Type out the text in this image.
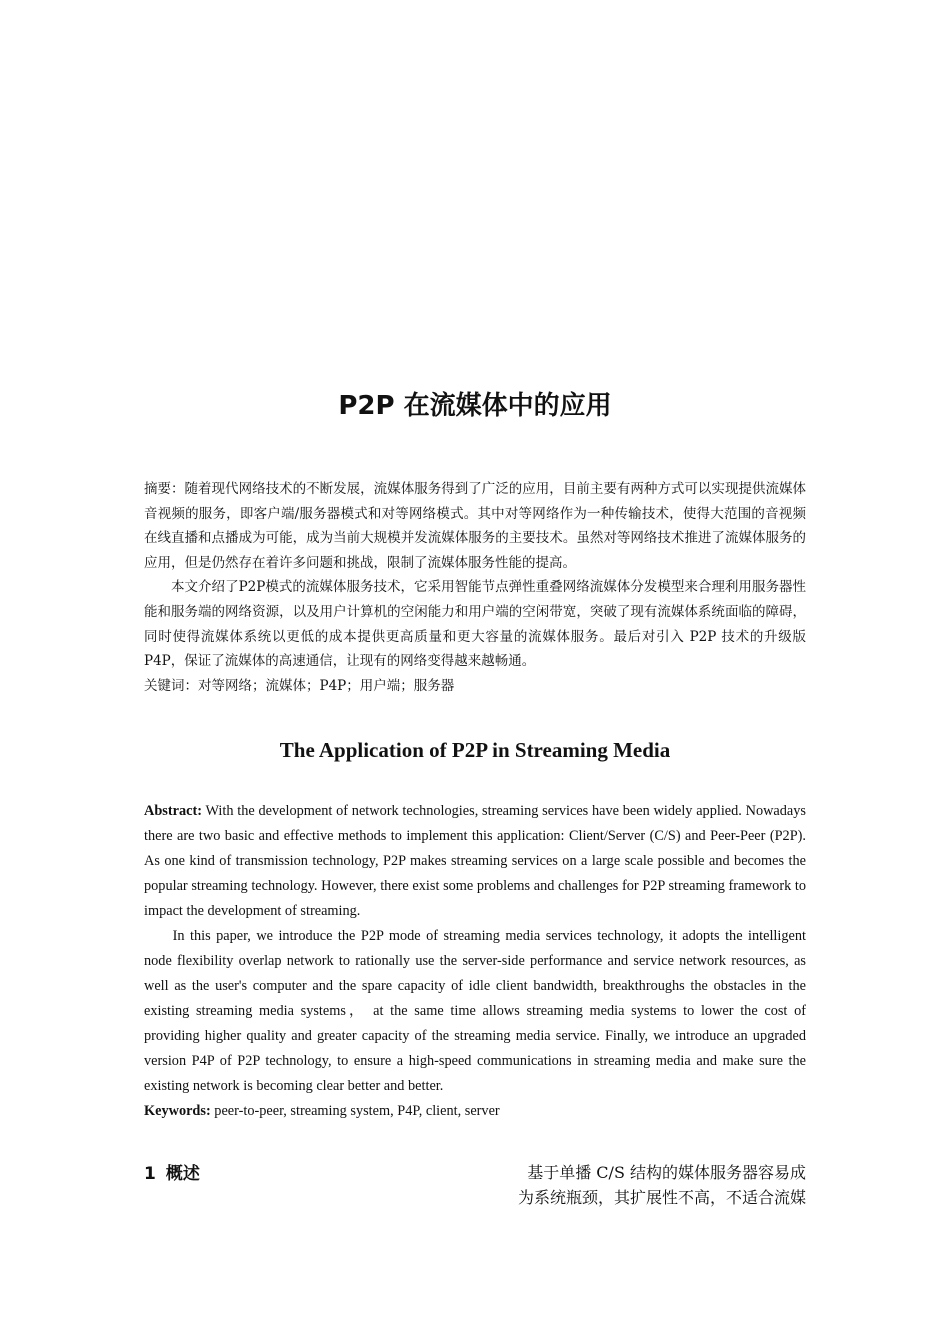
P2P 在流媒体中的应用

摘要：随着现代网络技术的不断发展，流媒体服务得到了广泛的应用，目前主要有两种方式可以实现提供流媒体音视频的服务，即客户端/服务器模式和对等网络模式。其中对等网络作为一种传输技术，使得大范围的音视频在线直播和点播成为可能，成为当前大规模并发流媒体服务的主要技术。虽然对等网络技术推进了流媒体服务的应用，但是仍然存在着许多问题和挑战，限制了流媒体服务性能的提高。

本文介绍了P2P模式的流媒体服务技术，它采用智能节点弹性重叠网络流媒体分发模型来合理利用服务器性能和服务端的网络资源，以及用户计算机的空闲能力和用户端的空闲带宽，突破了现有流媒体系统面临的障碍，同时使得流媒体系统以更低的成本提供更高质量和更大容量的流媒体服务。最后对引入 P2P 技术的升级版P4P，保证了流媒体的高速通信，让现有的网络变得越来越畅通。

关键词：对等网络；流媒体；P4P；用户端；服务器

The Application of P2P in Streaming Media

Abstract: With the development of network technologies, streaming services have been widely applied. Nowadays there are two basic and effective methods to implement this application: Client/Server (C/S) and Peer-Peer (P2P). As one kind of transmission technology, P2P makes streaming services on a large scale possible and becomes the popular streaming technology. However, there exist some problems and challenges for P2P streaming framework to impact the development of streaming.

In this paper, we introduce the P2P mode of streaming media services technology, it adopts the intelligent node flexibility overlap network to rationally use the server-side performance and service network resources, as well as the user's computer and the spare capacity of idle client bandwidth, breakthroughs the obstacles in the existing streaming media systems， at the same time allows streaming media systems to lower the cost of providing higher quality and greater capacity of the streaming media service. Finally, we introduce an upgraded version P4P of P2P technology, to ensure a high-speed communications in streaming media and make sure the existing network is becoming clear better and better.

Keywords: peer-to-peer, streaming system, P4P, client, server

1 概述	基于单播 C/S 结构的媒体服务器容易成

为系统瓶颈，其扩展性不高，不适合流媒
